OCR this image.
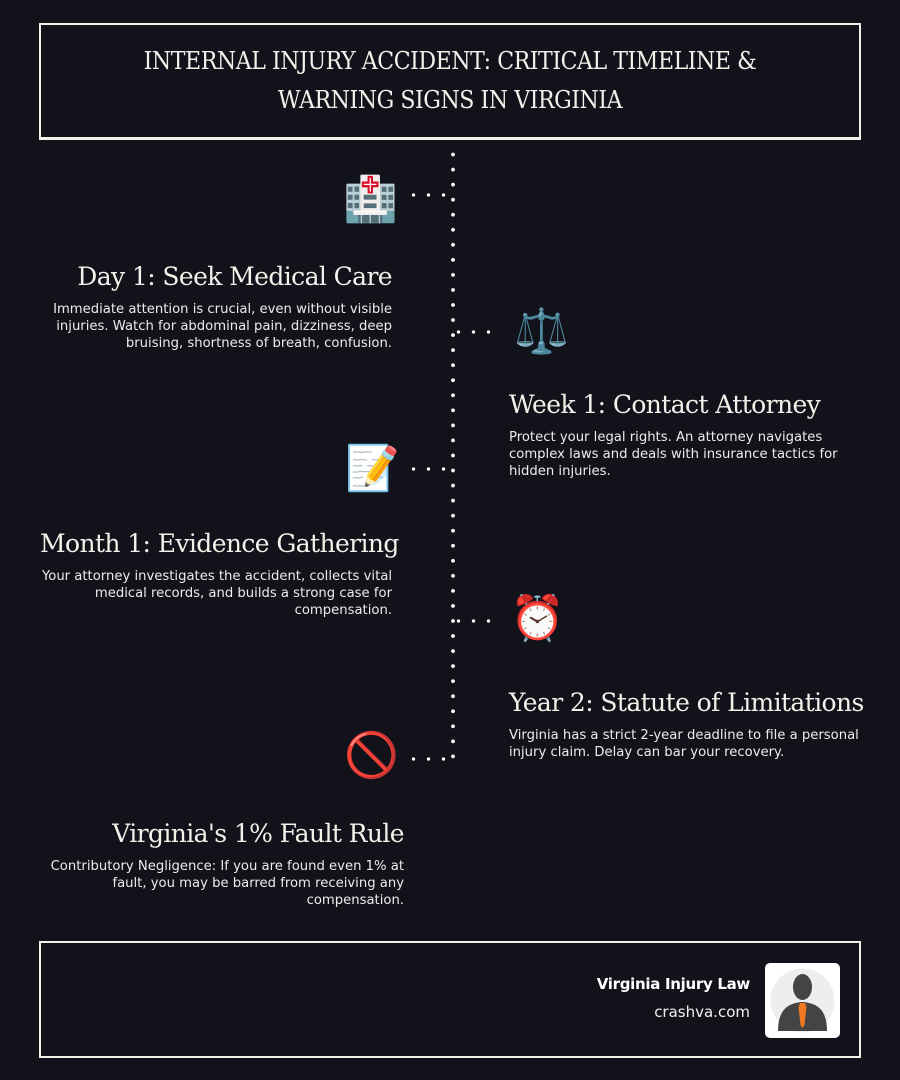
INTERNAL INJURY ACCIDENT: CRITICAL TIMELINE & WARNING SIGNS IN VIRGINIA
🏥
Day 1: Seek Medical Care
Immediate attention is crucial, even without visible injuries. Watch for abdominal pain, dizziness, deep bruising, shortness of breath, confusion.	⚖️
Week 1: Contact Attorney
Protect your legal rights. An attorney navigates complex laws and deals with insurance tactics for hidden injuries.
📝
Month 1: Evidence Gathering
Your attorney investigates the accident, collects vital medical records, and builds a strong case for compensation.	⏰
Year 2: Statute of Limitations
Virginia has a strict 2-year deadline to file a personal injury claim. Delay can bar your recovery.
🚫
Virginia's 1% Fault Rule
Contributory Negligence: If you are found even 1% at fault, you may be barred from receiving any compensation.
Virginia Injury Law
crashva.com
